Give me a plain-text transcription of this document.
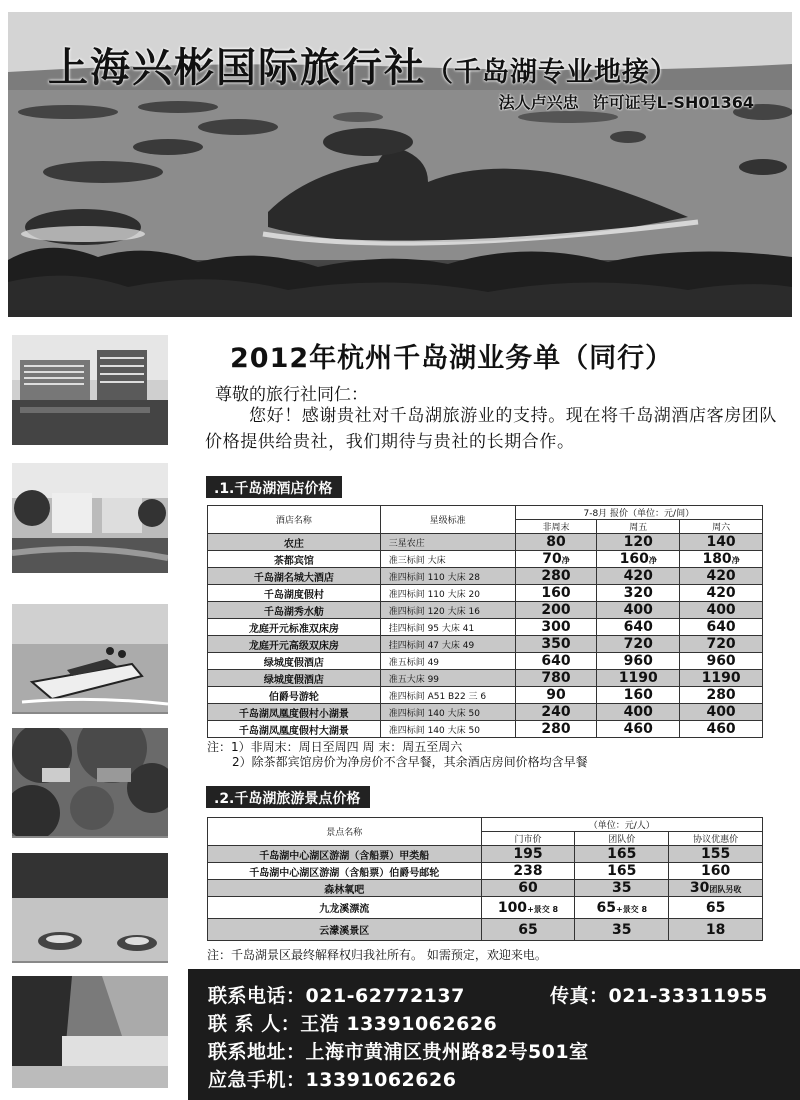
上海兴彬国际旅行社（千岛湖专业地接）
法人卢兴忠 许可证号L-SH01364
2012年杭州千岛湖业务单（同行）
尊敬的旅行社同仁：
您好！感谢贵社对千岛湖旅游业的支持。现在将千岛湖酒店客房团队价格提供给贵社，我们期待与贵社的长期合作。
.1.千岛湖酒店价格
酒店名称	星级标准	7-8月 报价（单位：元/间）		
		非周末	周五	周六
农庄	三星农庄	80	120	140
茶都宾馆	准三标间 大床	70净	160净	180净
千岛湖名城大酒店	准四标间 110 大床 28	280	420	420
千岛湖度假村	准四标间 110 大床 20	160	320	420
千岛湖秀水舫	准四标间 120 大床 16	200	400	400
龙庭开元标准双床房	挂四标间 95 大床 41	300	640	640
龙庭开元高级双床房	挂四标间 47 大床 49	350	720	720
绿城度假酒店	准五标间 49	640	960	960
绿城度假酒店	准五大床 99	780	1190	1190
伯爵号游轮	准四标间 A51 B22 三 6	90	160	280
千岛湖凤凰度假村小湖景	准四标间 140 大床 50	240	400	400
千岛湖凤凰度假村大湖景	准四标间 140 大床 50	280	460	460
注：1）非周末：周日至周四 周 末：周五至周六
2）除茶都宾馆房价为净房价不含早餐，其余酒店房间价格均含早餐
.2.千岛湖旅游景点价格
景点名称	（单位：元/人）		
	门市价	团队价	协议优惠价
千岛湖中心湖区游湖（含船票）甲类船	195	165	155
千岛湖中心湖区游湖（含船票）伯爵号邮轮	238	165	160
森林氧吧	60	35	30团队另收
九龙溪漂流	100+景交 8	65+景交 8	65
云濛溪景区	65	35	18
注：千岛湖景区最终解释权归我社所有。 如需预定，欢迎来电。
联系电话：021-62772137	传真：021-33311955
联 系 人：王浩 13391062626
联系地址：上海市黄浦区贵州路82号501室
应急手机：13391062626
